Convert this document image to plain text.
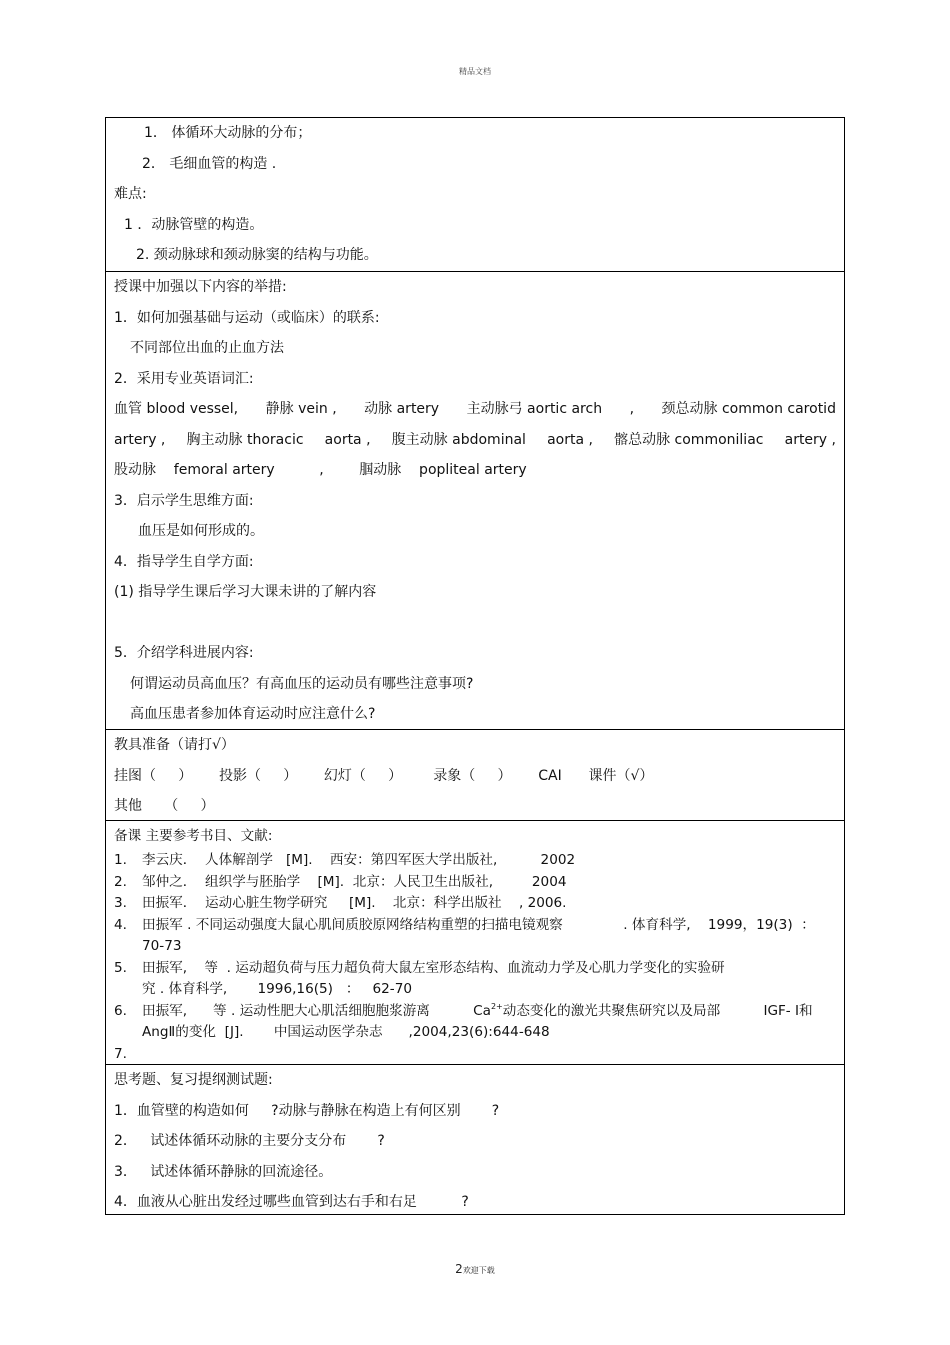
精品文档
1． 体循环大动脉的分布；
2． 毛细血管的构造 .
难点:
1 ．动脉管壁的构造。
2. 颈动脉球和颈动脉窦的结构与功能。
授课中加强以下内容的举措:
1．如何加强基础与运动（或临床）的联系:
不同部位出血的止血方法
2．采用专业英语词汇:
血管 blood vessel, 静脉 vein , 动脉 artery 主动脉弓 aortic arch , 颈总动脉 common carotid
artery , 胸主动脉 thoracic aorta , 腹主动脉 abdominal aorta , 髂总动脉 commoniliac artery ,
股动脉    femoral artery          ,        腘动脉    popliteal artery
3．启示学生思维方面:
血压是如何形成的。
4．指导学生自学方面:
(1) 指导学生课后学习大课未讲的了解内容
5．介绍学科进展内容:
何谓运动员高血压？有高血压的运动员有哪些注意事项?
高血压患者参加体育运动时应注意什么?
教具准备（请打√）
挂图（     ）      投影（     ）      幻灯（     ）       录象（     ）      CAI      课件（√）
其他     （     ）
备课 主要参考书目、文献:
1.	李云庆．  人体解剖学   [M].    西安：第四军医大学出版社,          2002
2.	邹仲之．  组织学与胚胎学    [M].  北京：人民卫生出版社,         2004
3.	田振军．  运动心脏生物学研究     [M].    北京：科学出版社    , 2006.
4.	田振军 . 不同运动强度大鼠心肌间质胶原网络结构重塑的扫描电镜观察              . 体育科学,    1999，19(3)  ：
70-73
5.	田振军,    等  . 运动超负荷与压力超负荷大鼠左室形态结构、血流动力学及心肌力学变化的实验研
究 . 体育科学,       1996,16(5)   ：   62-70
6.	田振军,      等 . 运动性肥大心肌活细胞胞浆游离          $Ca^{2+}$动态变化的激光共聚焦研究以及局部          IGF- Ⅰ和
AngⅡ的变化  [J].       中国运动医学杂志      ,2004,23(6):644-648
7.
思考题、复习提纲测试题:
1．血管壁的构造如何     ?动脉与静脉在构造上有何区别       ?
2．   试述体循环动脉的主要分支分布       ?
3．   试述体循环静脉的回流途径。
4．血液从心脏出发经过哪些血管到达右手和右足          ?
2欢迎下载
